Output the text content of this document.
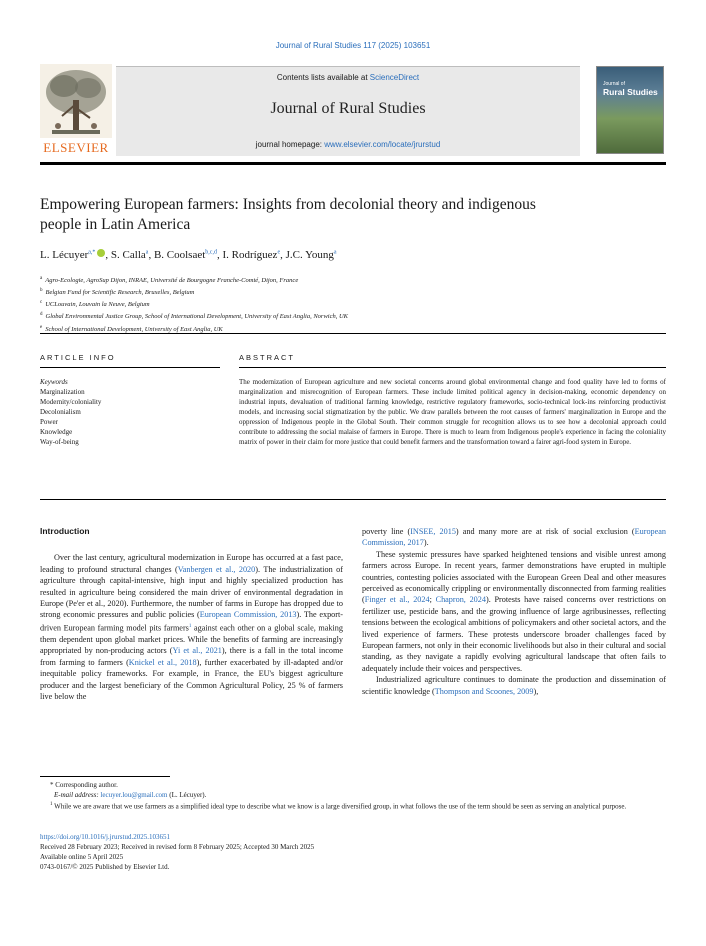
Journal of Rural Studies 117 (2025) 103651
ELSEVIER
Contents lists available at ScienceDirect
Journal of Rural Studies
journal homepage: www.elsevier.com/locate/jrurstud
Journal of
Rural Studies
Empowering European farmers: Insights from decolonial theory and indigenous people in Latin America
L. Lécuyer$^{a,*}$ , S. Calla$^a$, B. Coolsaet$^{b,c,d}$, I. Rodríguez$^e$, J.C. Young$^a$
$^a$ Agro-Ecologie, AgroSup Dijon, INRAE, Université de Bourgogne Franche-Comté, Dijon, France
$^b$ Belgian Fund for Scientific Research, Bruxelles, Belgium
$^c$ UCLouvain, Louvain la Neuve, Belgium
$^d$ Global Environmental Justice Group, School of International Development, University of East Anglia, Norwich, UK
$^e$ School of International Development, University of East Anglia, UK
ARTICLE INFO	ABSTRACT
Keywords
Marginalization
Modernity/coloniality
Decolonialism
Power
Knowledge
Way-of-being
The modernization of European agriculture and new societal concerns around global environmental change and food quality have led to forms of marginalization and misrecognition of European farmers. These include limited political agency in decision-making, economic dependency on industrial inputs, devaluation of traditional farming knowledge, restrictive regulatory frameworks, socio-technical lock-ins reinforcing productivist models, and increasing social stigmatization by the public. We draw parallels between the root causes of farmers' marginalization in Europe and the oppression of Indigenous people in the Global South. Their common struggle for recognition allows us to see how a decolonial approach could contribute to addressing the social malaise of farmers in Europe. There is much to learn from Indigenous people's experience in facing the coloniality matrix of power in their claim for more justice that could benefit farmers and the transformation toward a fairer agri-food system in Europe.
Introduction

Over the last century, agricultural modernization in Europe has occurred at a fast pace, leading to profound structural changes (Vanbergen et al., 2020). The industrialization of agriculture through capital-intensive, high input and highly specialized production has resulted in agriculture being considered the main driver of environmental degradation in Europe (Pe'er et al., 2020). Furthermore, the number of farms in Europe has dropped due to strong economic pressures and public policies (European Commission, 2013). The export-driven European farming model pits farmers$^1$ against each other on a global scale, making them dependent upon global market prices. While the benefits of farming are increasingly appropriated by non-producing actors (Yi et al., 2021), there is a fall in the total income from farming to farmers (Knickel et al., 2018), further exacerbated by ill-adapted and/or inequitable policy frameworks. For example, in France, the EU's biggest agriculture producer and the largest beneficiary of the Common Agricultural Policy, 25 % of farmers live below the

poverty line (INSEE, 2015) and many more are at risk of social exclusion (European Commission, 2017).

These systemic pressures have sparked heightened tensions and visible unrest among farmers across Europe. In recent years, farmer demonstrations have erupted in multiple countries, contesting policies associated with the European Green Deal and other measures perceived as economically crippling or environmentally disconnected from farming realities (Finger et al., 2024; Chapron, 2024). Protests have raised concerns over restrictions on fertilizer use, pesticide bans, and the growing influence of large agribusinesses, reflecting tensions between the ecological ambitions of policymakers and other societal actors, and the lived experience of farmers. These protests underscore broader challenges faced by European farmers, not only in their economic livelihoods but also in their cultural and social standing, as they navigate a rapidly evolving agricultural landscape that often fails to adequately include their voices and perspectives.

Industrialized agriculture continues to dominate the production and dissemination of scientific knowledge (Thompson and Scoones, 2009),

* Corresponding author.
E-mail address: lecuyer.lou@gmail.com (L. Lécuyer).
$^1$ While we are aware that we use farmers as a simplified ideal type to describe what we know is a large diversified group, in what follows the use of the term should be seen as serving an analytical purpose.
https://doi.org/10.1016/j.jrurstud.2025.103651
Received 28 February 2023; Received in revised form 8 February 2025; Accepted 30 March 2025
Available online 5 April 2025
0743-0167/© 2025 Published by Elsevier Ltd.
